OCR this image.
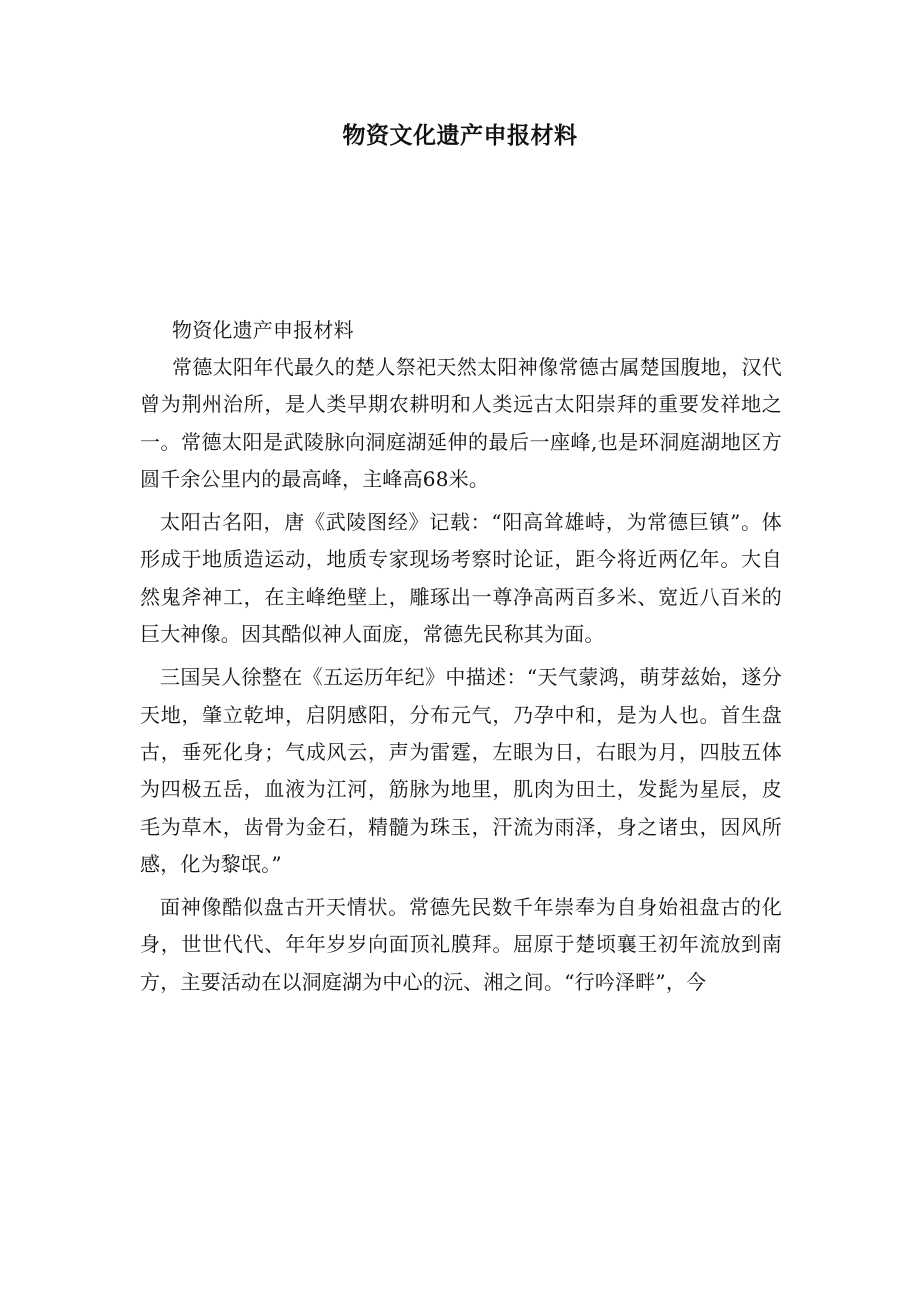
物资文化遗产申报材料

物资化遗产申报材料

常德太阳年代最久的楚人祭祀天然太阳神像常德古属楚国腹地，汉代曾为荆州治所，是人类早期农耕明和人类远古太阳崇拜的重要发祥地之一。常德太阳是武陵脉向洞庭湖延伸的最后一座峰,也是环洞庭湖地区方圆千余公里内的最高峰，主峰高68米。

太阳古名阳，唐《武陵图经》记载：“阳高耸雄峙，为常德巨镇”。体形成于地质造运动，地质专家现场考察时论证，距今将近两亿年。大自然鬼斧神工，在主峰绝壁上，雕琢出一尊净高两百多米、宽近八百米的巨大神像。因其酷似神人面庞，常德先民称其为面。

三国吴人徐整在《五运历年纪》中描述：“天气蒙鸿，萌芽兹始，遂分天地，肇立乾坤，启阴感阳，分布元气，乃孕中和，是为人也。首生盘古，垂死化身；气成风云，声为雷霆，左眼为日，右眼为月，四肢五体为四极五岳，血液为江河，筋脉为地里，肌肉为田土，发髭为星辰，皮毛为草木，齿骨为金石，精髓为珠玉，汗流为雨泽，身之诸虫，因风所感，化为黎氓。”

面神像酷似盘古开天情状。常德先民数千年崇奉为自身始祖盘古的化身，世世代代、年年岁岁向面顶礼膜拜。屈原于楚顷襄王初年流放到南方，主要活动在以洞庭湖为中心的沅、湘之间。“行吟泽畔”，今
